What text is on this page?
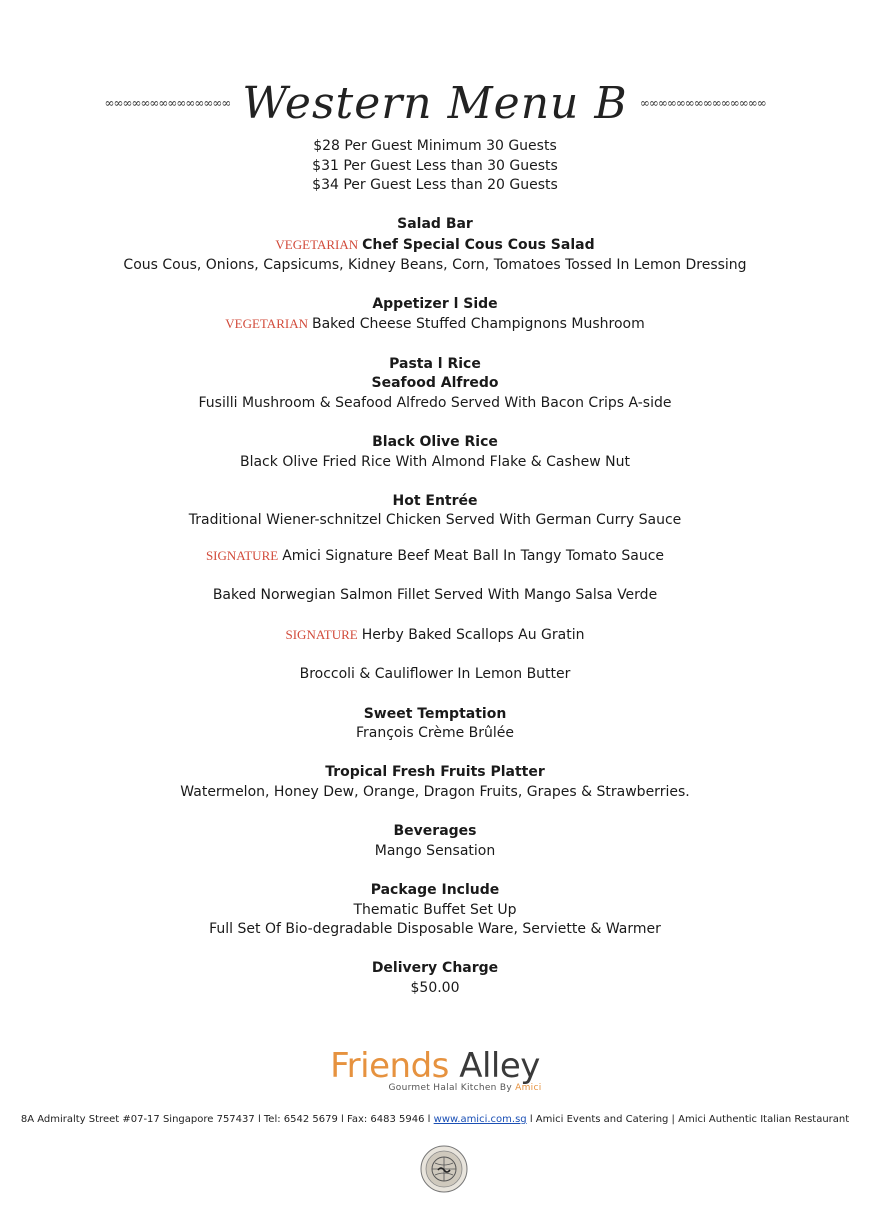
∞∞∞∞∞∞∞∞∞∞∞∞∞∞ Western Menu B ∞∞∞∞∞∞∞∞∞∞∞∞∞∞
$28 Per Guest Minimum 30 Guests
$31 Per Guest Less than 30 Guests
$34 Per Guest Less than 20 Guests
Salad Bar
VEGETARIAN Chef Special Cous Cous Salad
Cous Cous, Onions, Capsicums, Kidney Beans, Corn, Tomatoes Tossed In Lemon Dressing
Appetizer l Side
VEGETARIAN Baked Cheese Stuffed Champignons Mushroom
Pasta l Rice
Seafood Alfredo
Fusilli Mushroom & Seafood Alfredo Served With Bacon Crips A-side
Black Olive Rice
Black Olive Fried Rice With Almond Flake & Cashew Nut
Hot Entrée
Traditional Wiener-schnitzel Chicken Served With German Curry Sauce
SIGNATURE Amici Signature Beef Meat Ball In Tangy Tomato Sauce
Baked Norwegian Salmon Fillet Served With Mango Salsa Verde
SIGNATURE Herby Baked Scallops Au Gratin
Broccoli & Cauliflower In Lemon Butter
Sweet Temptation
François Crème Brûlée
Tropical Fresh Fruits Platter
Watermelon, Honey Dew, Orange, Dragon Fruits, Grapes & Strawberries.
Beverages
Mango Sensation
Package Include
Thematic Buffet Set Up
Full Set Of Bio-degradable Disposable Ware, Serviette & Warmer
Delivery Charge
$50.00
Friends Alley
Gourmet Halal Kitchen By Amici
8A Admiralty Street #07-17 Singapore 757437 l Tel: 6542 5679 l Fax: 6483 5946 l www.amici.com.sg l Amici Events and Catering | Amici Authentic Italian Restaurant
